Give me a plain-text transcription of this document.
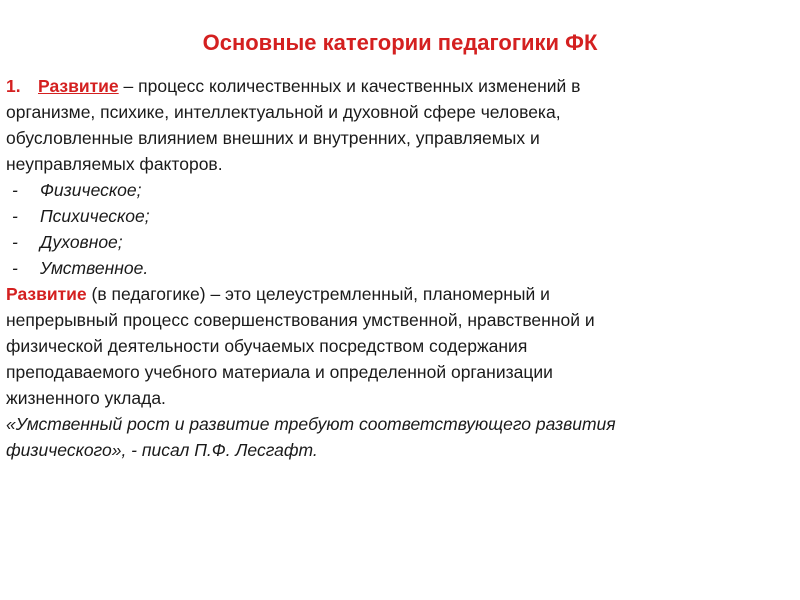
Основные категории педагогики ФК
1. Развитие – процесс количественных и качественных изменений в
организме, психике, интеллектуальной и духовной сфере человека,
обусловленные влиянием внешних и внутренних, управляемых и
неуправляемых факторов.
- Физическое;
- Психическое;
- Духовное;
- Умственное.
Развитие (в педагогике) – это целеустремленный, планомерный и
непрерывный процесс совершенствования умственной, нравственной и
физической деятельности обучаемых посредством содержания
преподаваемого учебного материала и определенной организации
жизненного уклада.
«Умственный рост и развитие требуют соответствующего развития
физического», - писал П.Ф. Лесгафт.
